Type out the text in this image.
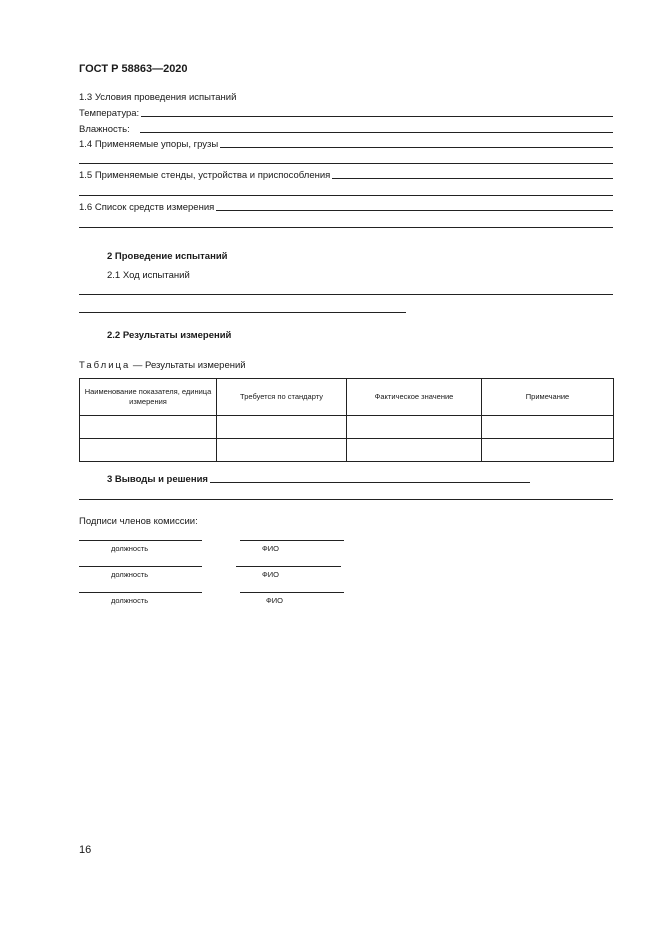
ГОСТ Р 58863—2020
1.3 Условия проведения испытаний
Температура:
Влажность:
1.4 Применяемые упоры, грузы
1.5 Применяемые стенды, устройства и приспособления
1.6 Список средств измерения
2 Проведение испытаний
2.1 Ход испытаний
2.2 Результаты измерений
Таблица — Результаты измерений
Наименование показателя, единица измерения	Требуется по стандарту	Фактическое значение	Примечание

3 Выводы и решения
Подписи членов комиссии:
должность	ФИО
должность	ФИО
должность	ФИО
16
